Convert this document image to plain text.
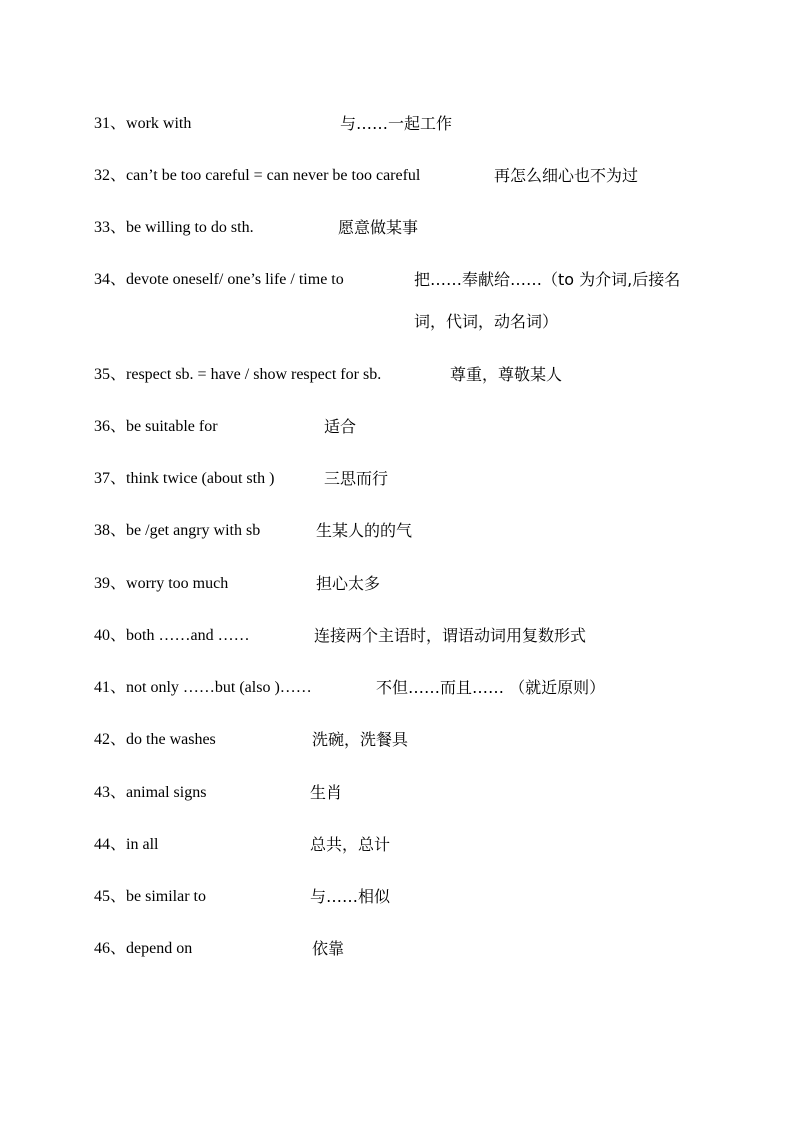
31、work with	与……一起工作
32、can’t be too careful = can never be too careful	再怎么细心也不为过
33、be willing to do sth.	愿意做某事
34、devote oneself/ one’s life / time to	把……奉献给……（to 为介词,后接名词，代词，动名词）
35、respect sb. = have / show respect for sb.	尊重，尊敬某人
36、be suitable for	适合
37、think twice (about sth )	三思而行
38、be /get angry with sb	生某人的的气
39、worry too much	担心太多
40、both ……and ……	连接两个主语时，谓语动词用复数形式
41、not only ……but (also )……	不但……而且…… （就近原则）
42、do the washes	洗碗，洗餐具
43、animal signs	生肖
44、in all	总共，总计
45、be similar to	与……相似
46、depend on	依靠
